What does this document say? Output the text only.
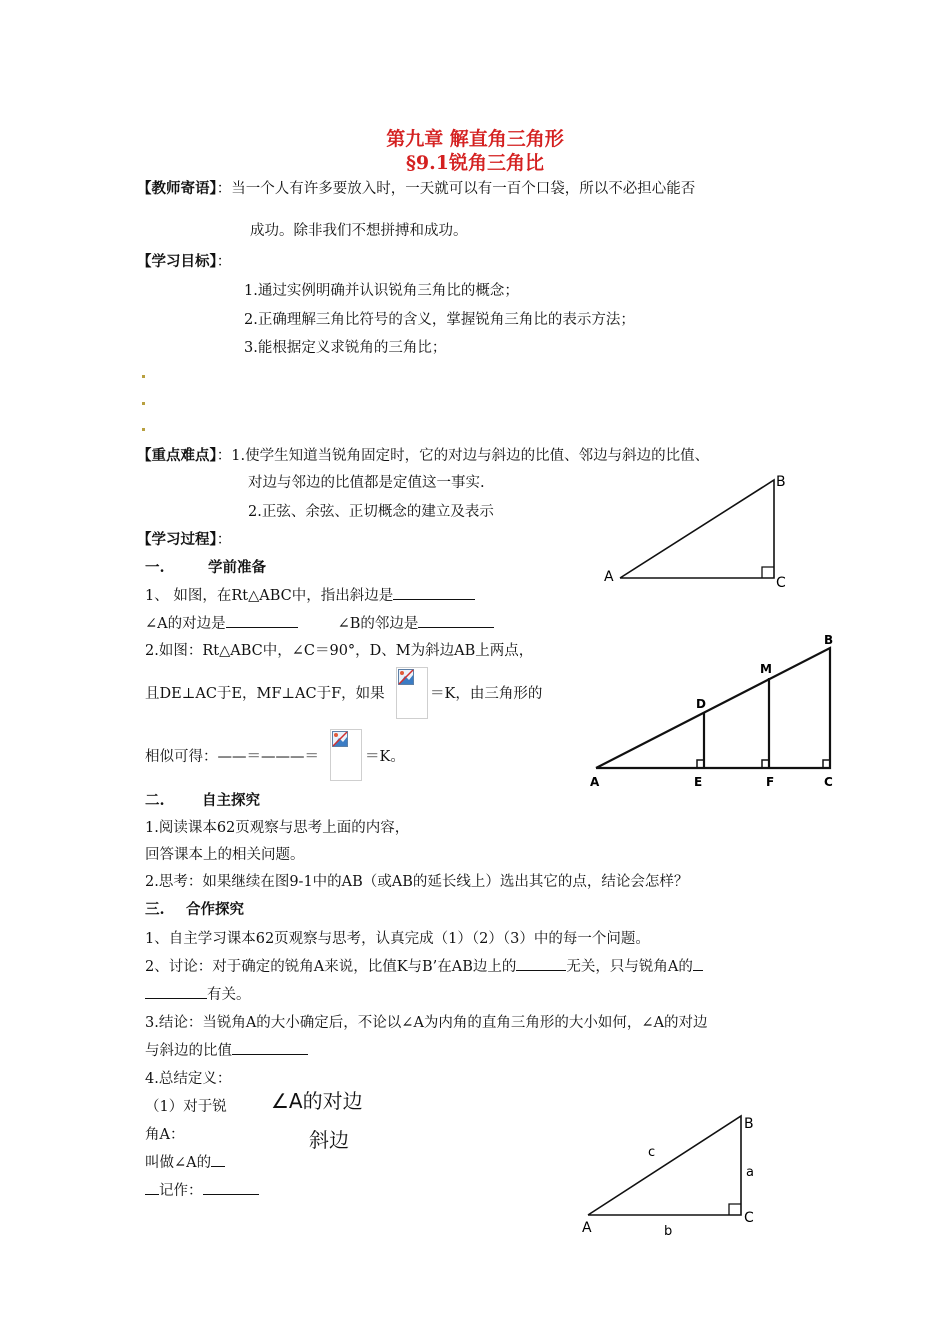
第九章 解直角三角形
§9.1锐角三角比
【教师寄语】：当一个人有许多要放入时，一天就可以有一百个口袋，所以不必担心能否
成功。除非我们不想拼搏和成功。
【学习目标】：
1.通过实例明确并认识锐角三角比的概念；
2.正确理解三角比符号的含义，掌握锐角三角比的表示方法；
3.能根据定义求锐角的三角比；
【重点难点】：1.使学生知道当锐角固定时，它的对边与斜边的比值、邻边与斜边的比值、
对边与邻边的比值都是定值这一事实.
2.正弦、余弦、正切概念的建立及表示
【学习过程】：
一.	学前准备
1、 如图，在Rt△ABC中，指出斜边是
∠A的对边是	∠B的邻边是
2.如图：Rt△ABC中，∠C＝90°，D、M为斜边AB上两点，
且DE⊥AC于E，MF⊥AC于F，如果	＝K，由三角形的
相似可得：——＝———＝	＝K。
二.	自主探究
1.阅读课本62页观察与思考上面的内容，
回答课本上的相关问题。
2.思考：如果继续在图9-1中的AB（或AB的延长线上）选出其它的点，结论会怎样？
三. 合作探究
1、自主学习课本62页观察与思考，认真完成（1）（2）（3）中的每一个问题。
2、讨论：对于确定的锐角A来说，比值K与B’在AB边上的	无关，只与锐角A的
有关。
3.结论：当锐角A的大小确定后，不论以∠A为内角的直角三角形的大小如何，∠A的对边
与斜边的比值
4.总结定义：
（1）对于锐
角A：
叫做∠A的
记作：
∠A的对边
斜边
A
B
C
A
B
C
D
M
E	F
A
B
C
a
b
c
